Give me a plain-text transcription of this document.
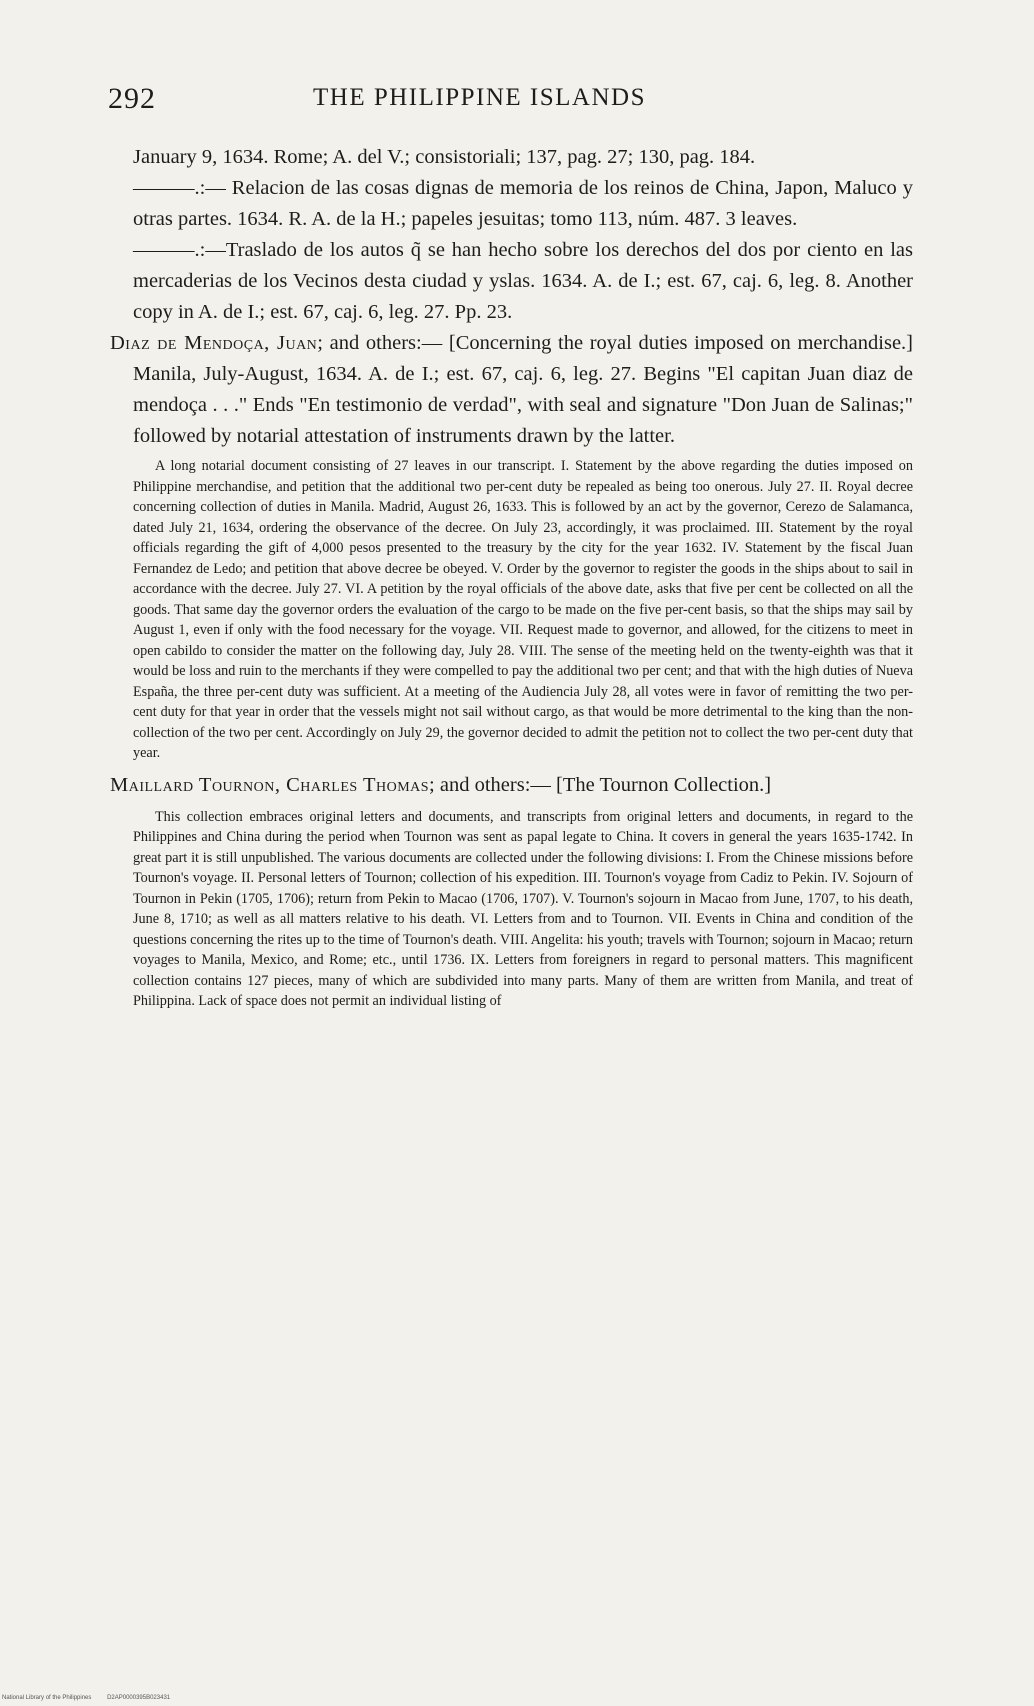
292	THE PHILIPPINE ISLANDS

January 9, 1634. Rome; A. del V.; consistoriali; 137, pag. 27; 130, pag. 184.

———.:— Relacion de las cosas dignas de memoria de los reinos de China, Japon, Maluco y otras partes. 1634. R. A. de la H.; papeles jesuitas; tomo 113, núm. 487. 3 leaves.

———.:—Traslado de los autos q̃ se han hecho sobre los derechos del dos por ciento en las mercaderias de los Vecinos desta ciudad y yslas. 1634. A. de I.; est. 67, caj. 6, leg. 8. Another copy in A. de I.; est. 67, caj. 6, leg. 27. Pp. 23.

Diaz de Mendoça, Juan; and others:— [Concerning the royal duties imposed on merchandise.] Manila, July-August, 1634. A. de I.; est. 67, caj. 6, leg. 27. Begins "El capitan Juan diaz de mendoça . . ." Ends "En testimonio de verdad", with seal and signature "Don Juan de Salinas;" followed by notarial attestation of instruments drawn by the latter.

A long notarial document consisting of 27 leaves in our transcript. I. Statement by the above regarding the duties imposed on Philippine merchandise, and petition that the additional two per-cent duty be repealed as being too onerous. July 27. II. Royal decree concerning collection of duties in Manila. Madrid, August 26, 1633. This is followed by an act by the governor, Cerezo de Salamanca, dated July 21, 1634, ordering the observance of the decree. On July 23, accordingly, it was proclaimed. III. Statement by the royal officials regarding the gift of 4,000 pesos presented to the treasury by the city for the year 1632. IV. Statement by the fiscal Juan Fernandez de Ledo; and petition that above decree be obeyed. V. Order by the governor to register the goods in the ships about to sail in accordance with the decree. July 27. VI. A petition by the royal officials of the above date, asks that five per cent be collected on all the goods. That same day the governor orders the evaluation of the cargo to be made on the five per-cent basis, so that the ships may sail by August 1, even if only with the food necessary for the voyage. VII. Request made to governor, and allowed, for the citizens to meet in open cabildo to consider the matter on the following day, July 28. VIII. The sense of the meeting held on the twenty-eighth was that it would be loss and ruin to the merchants if they were compelled to pay the additional two per cent; and that with the high duties of Nueva España, the three per-cent duty was sufficient. At a meeting of the Audiencia July 28, all votes were in favor of remitting the two per-cent duty for that year in order that the vessels might not sail without cargo, as that would be more detrimental to the king than the non-collection of the two per cent. Accordingly on July 29, the governor decided to admit the petition not to collect the two per-cent duty that year.

Maillard Tournon, Charles Thomas; and others:— [The Tournon Collection.]

This collection embraces original letters and documents, and transcripts from original letters and documents, in regard to the Philippines and China during the period when Tournon was sent as papal legate to China. It covers in general the years 1635-1742. In great part it is still unpublished. The various documents are collected under the following divisions: I. From the Chinese missions before Tournon's voyage. II. Personal letters of Tournon; collection of his expedition. III. Tournon's voyage from Cadiz to Pekin. IV. Sojourn of Tournon in Pekin (1705, 1706); return from Pekin to Macao (1706, 1707). V. Tournon's sojourn in Macao from June, 1707, to his death, June 8, 1710; as well as all matters relative to his death. VI. Letters from and to Tournon. VII. Events in China and condition of the questions concerning the rites up to the time of Tournon's death. VIII. Angelita: his youth; travels with Tournon; sojourn in Macao; return voyages to Manila, Mexico, and Rome; etc., until 1736. IX. Letters from foreigners in regard to personal matters. This magnificent collection contains 127 pieces, many of which are subdivided into many parts. Many of them are written from Manila, and treat of Philippina. Lack of space does not permit an individual listing of

National Library of the Philippines	D2AP0000395B023431
